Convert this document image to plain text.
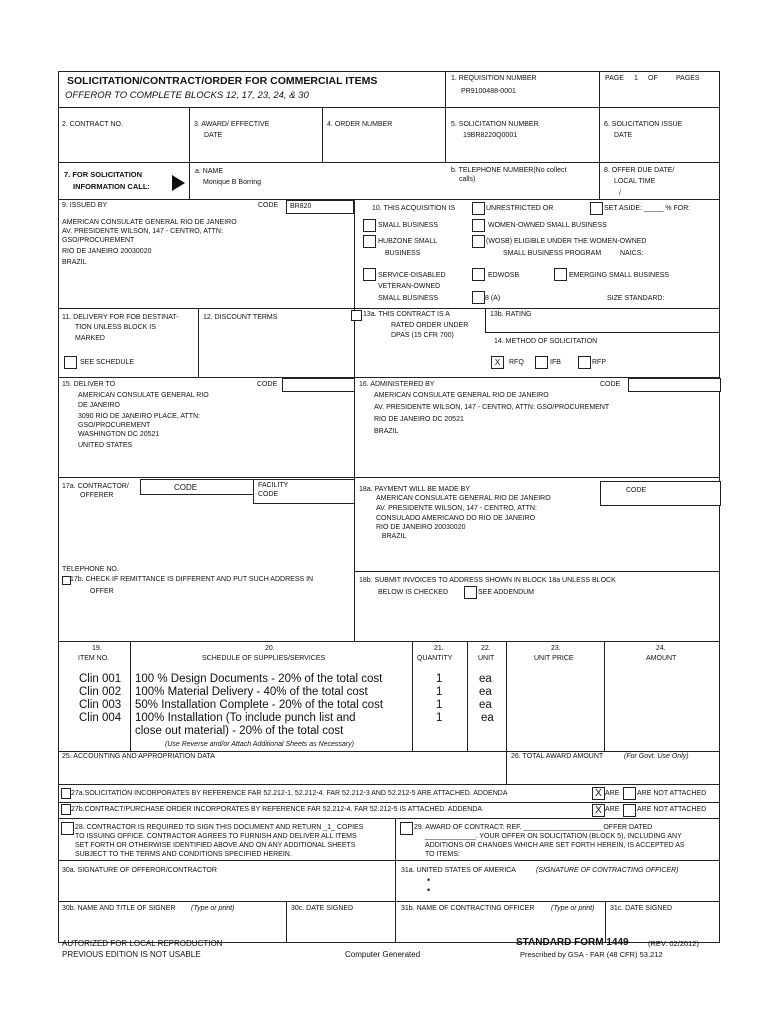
SOLICITATION/CONTRACT/ORDER FOR COMMERCIAL ITEMS
OFFEROR TO COMPLETE BLOCKS 12, 17, 23, 24, & 30
1. REQUISITION NUMBER
PR9100488-0001
PAGE 1 OF	PAGES
2. CONTRACT NO.	3. AWARD/ EFFECTIVE
DATE
4. ORDER NUMBER	5. SOLICITATION NUMBER
19BR8220Q0001
6. SOLICITATION ISSUE
DATE
7. FOR SOLICITATION
INFORMATION CALL:
a. NAME
Monique B Borring
b. TELEPHONE NUMBER(No collect
calls)
8. OFFER DUE DATE/
LOCAL TIME
/
9. ISSUED BY	CODE BR820
AMERICAN CONSULATE GENERAL RIO DE JANEIRO
AV. PRESIDENTE WILSON, 147 - CENTRO, ATTN:
GSO/PROCUREMENT
RIO DE JANEIRO 20030020
BRAZIL
10. THIS ACQUISITION IS	UNRESTRICTED OR	SET ASIDE: _____ % FOR:
SMALL BUSINESS	WOMEN-OWNED SMALL BUSINESS
HUBZONE SMALL
BUSINESS
(WOSB) ELIGIBLE UNDER THE WOMEN-OWNED
SMALL BUSINESS PROGRAM	NAICS:
SERVICE-DISABLED
VETERAN-OWNED
SMALL BUSINESS
EDWOSB	EMERGING SMALL BUSINESS
8 (A)	SIZE STANDARD:
11. DELIVERY FOR FOB DESTINAT-
TION UNLESS BLOCK IS
MARKED
SEE SCHEDULE
12. DISCOUNT TERMS	13a. THIS CONTRACT IS A
RATED ORDER UNDER
DPAS (15 CFR 700)
13b. RATING
14. METHOD OF SOLICITATION
X	RFQ	IFB	RFP
15. DELIVER TO	CODE
AMERICAN CONSULATE GENERAL RIO
DE JANEIRO
3090 RIO DE JANEIRO PLACE, ATTN:
GSO/PROCUREMENT
WASHINGTON DC 20521
UNITED STATES
16. ADMINISTERED BY	CODE
AMERICAN CONSULATE GENERAL RIO DE JANEIRO
AV. PRESIDENTE WILSON, 147 - CENTRO, ATTN: GSO/PROCUREMENT
RIO DE JANEIRO DC 20521
BRAZIL
17a. CONTRACTOR/
OFFERER
CODE	FACILITY
CODE
TELEPHONE NO.
17b. CHECK IF REMITTANCE IS DIFFERENT AND PUT SUCH ADDRESS IN
OFFER
18a. PAYMENT WILL BE MADE BY	CODE
AMERICAN CONSULATE GENERAL RIO DE JANEIRO
AV. PRESIDENTE WILSON, 147 - CENTRO, ATTN:
CONSULADO AMERICANO DO RIO DE JANEIRO
RIO DE JANEIRO 20030020
BRAZIL
18b. SUBMIT INVOICES TO ADDRESS SHOWN IN BLOCK 18a UNLESS BLOCK
BELOW IS CHECKED	SEE ADDENDUM
19.
ITEM NO.
20.
SCHEDULE OF SUPPLIES/SERVICES
21.
QUANTITY
22.
UNIT
23.
UNIT PRICE
24.
AMOUNT
Clin 001 100 % Design Documents - 20% of the total cost	1	ea
Clin 002 100% Material Delivery - 40% of the total cost	1	ea
Clin 003 50% Installation Complete - 20% of the total cost	1	ea
Clin 004 100% Installation (To include punch list and	1	ea
close out material) - 20% of the total cost
(Use Reverse and/or Attach Additional Sheets as Necessary)
25. ACCOUNTING AND APPROPRIATION DATA	26. TOTAL AWARD AMOUNT	(For Govt. Use Only)
27a.SOLICITATION INCORPORATES BY REFERENCE FAR 52.212-1, 52.212-4. FAR 52.212-3 AND 52.212-5 ARE ATTACHED. ADDENDA	X ARE	ARE NOT ATTACHED
27b.CONTRACT/PURCHASE ORDER INCORPORATES BY REFERENCE FAR 52.212-4. FAR 52.212-5 IS ATTACHED. ADDENDA	X ARE	ARE NOT ATTACHED
28. CONTRACTOR IS REQUIRED TO SIGN THIS DOCUMENT AND RETURN _1_ COPIES
TO ISSUING OFFICE. CONTRACTOR AGREES TO FURNISH AND DELIVER ALL ITEMS
SET FORTH OR OTHERWISE IDENTIFIED ABOVE AND ON ANY ADDITIONAL SHEETS
SUBJECT TO THE TERMS AND CONDITIONS SPECIFIED HEREIN.
29. AWARD OF CONTRACT: REF. ____________________ OFFER DATED
_____________. YOUR OFFER ON SOLICITATION (BLOCK 5), INCLUDING ANY
ADDITIONS OR CHANGES WHICH ARE SET FORTH HEREIN, IS ACCEPTED AS
TO ITEMS:
30a. SIGNATURE OF OFFEROR/CONTRACTOR	31a. UNITED STATES OF AMERICA	(SIGNATURE OF CONTRACTING OFFICER)
•
•
30b. NAME AND TITLE OF SIGNER (Type or print)	30c. DATE SIGNED	31b. NAME OF CONTRACTING OFFICER (Type or print) 31c. DATE SIGNED
AUTORIZED FOR LOCAL REPRODUCTION
PREVIOUS EDITION IS NOT USABLE	Computer Generated
STANDARD FORM 1449	(REV. 02/2012)
Prescribed by GSA - FAR (48 CFR) 53.212
